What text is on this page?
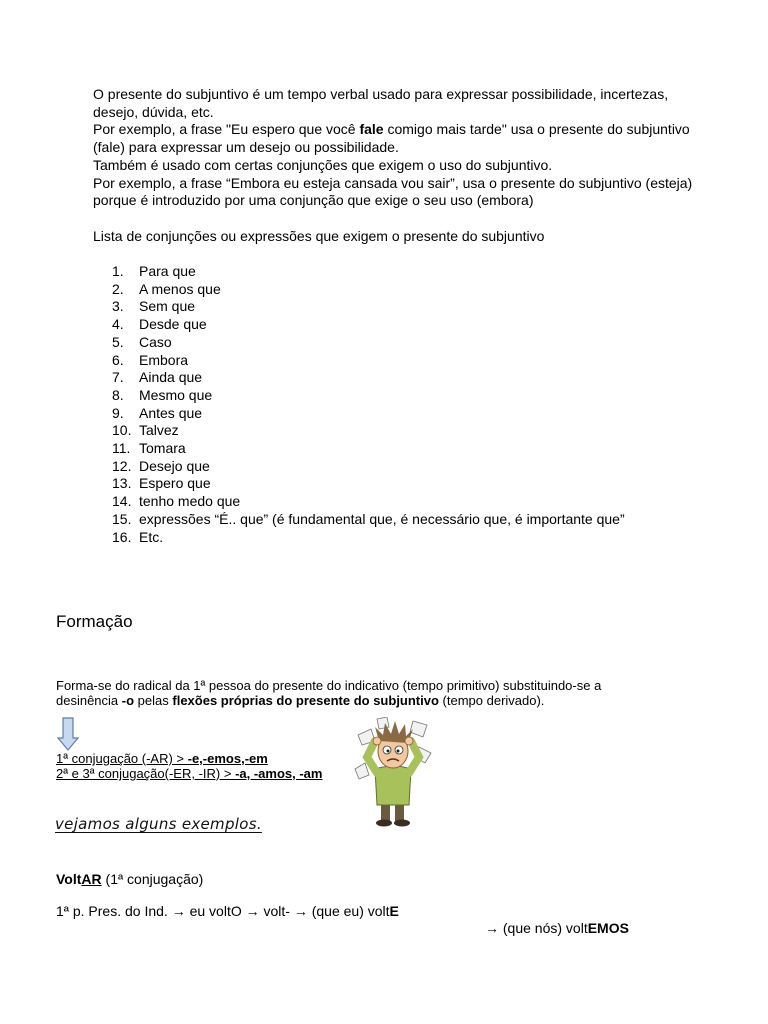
O presente do subjuntivo é um tempo verbal usado para expressar possibilidade, incertezas, desejo, dúvida, etc.

Por exemplo, a frase "Eu espero que você fale comigo mais tarde" usa o presente do subjuntivo (fale) para expressar um desejo ou possibilidade.

Também é usado com certas conjunções que exigem o uso do subjuntivo.

Por exemplo, a frase “Embora eu esteja cansada vou sair”, usa o presente do subjuntivo (esteja) porque é introduzido por uma conjunção que exige o seu uso (embora)

Lista de conjunções ou expressões que exigem o presente do subjuntivo
1. Para que
2. A menos que
3. Sem que
4. Desde que
5. Caso
6. Embora
7. Ainda que
8. Mesmo que
9. Antes que
10. Talvez
11. Tomara
12. Desejo que
13. Espero que
14. tenho medo que
15. expressões “É.. que” (é fundamental que, é necessário que, é importante que”
16. Etc.
Formação
Forma-se do radical da 1ª pessoa do presente do indicativo (tempo primitivo) substituindo-se a desinência -o pelas flexões próprias do presente do subjuntivo (tempo derivado).
1ª conjugação (-AR) > -e,-emos,-em
2ª e 3ª conjugação(-ER, -IR) > -a, -amos, -am
vejamos alguns exemplos.
VoltAR (1ª conjugação)
1ª p. Pres. do Ind. → eu voltO → volt- → (que eu) voltE
→ (que nós) voltEMOS
